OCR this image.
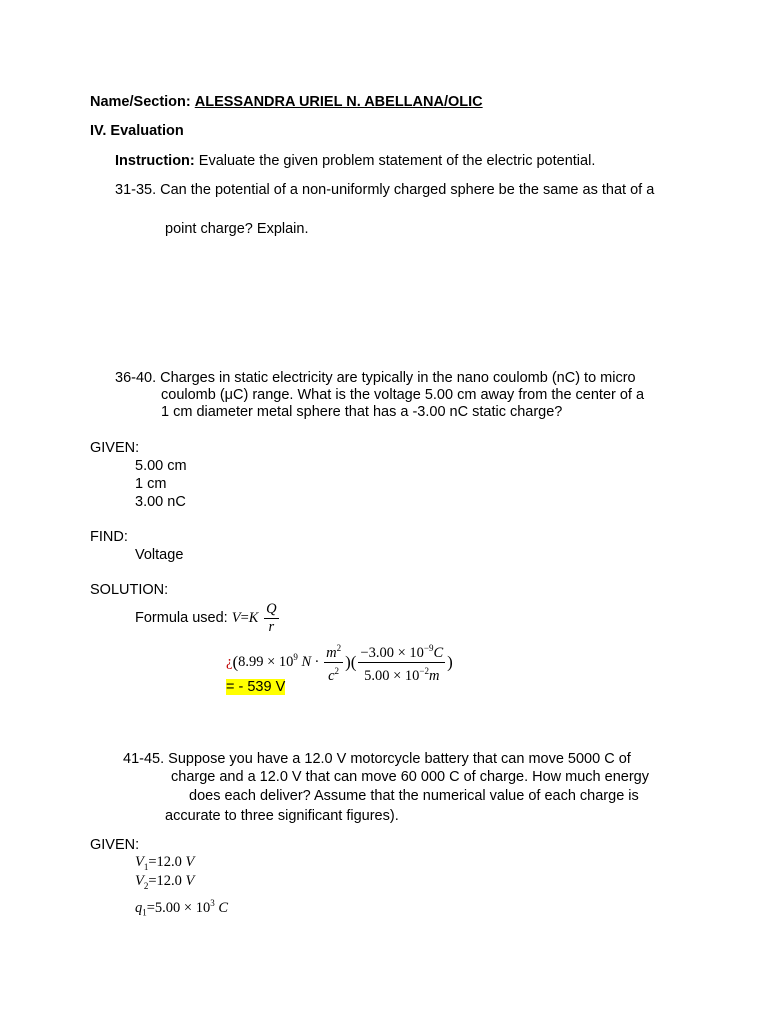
Name/Section: ALESSANDRA URIEL N. ABELLANA/OLIC
IV. Evaluation
Instruction: Evaluate the given problem statement of the electric potential.
31-35. Can the potential of a non-uniformly charged sphere be the same as that of a
point charge? Explain.
36-40. Charges in static electricity are typically in the nano coulomb (nC) to micro
coulomb (μC) range. What is the voltage 5.00 cm away from the center of a
1 cm diameter metal sphere that has a -3.00 nC static charge?
GIVEN:
5.00 cm
1 cm
3.00 nC
FIND:
Voltage
SOLUTION:
Formula used: $V=K \frac{Q}{r}$
¿($8.99 \times 10^9$ $N \cdot \frac{m^2}{c^2}$ )( $\frac{-3.00 \times 10^{-9}C}{5.00 \times 10^{-2}m}$ )
= - 539 V
41-45. Suppose you have a 12.0 V motorcycle battery that can move 5000 C of
charge and a 12.0 V that can move 60 000 C of charge. How much energy
does each deliver? Assume that the numerical value of each charge is
accurate to three significant figures).
GIVEN:
$V_1=12.0$ V
$V_2=12.0$ V
$q_1=5.00 \times 10^3$ C
